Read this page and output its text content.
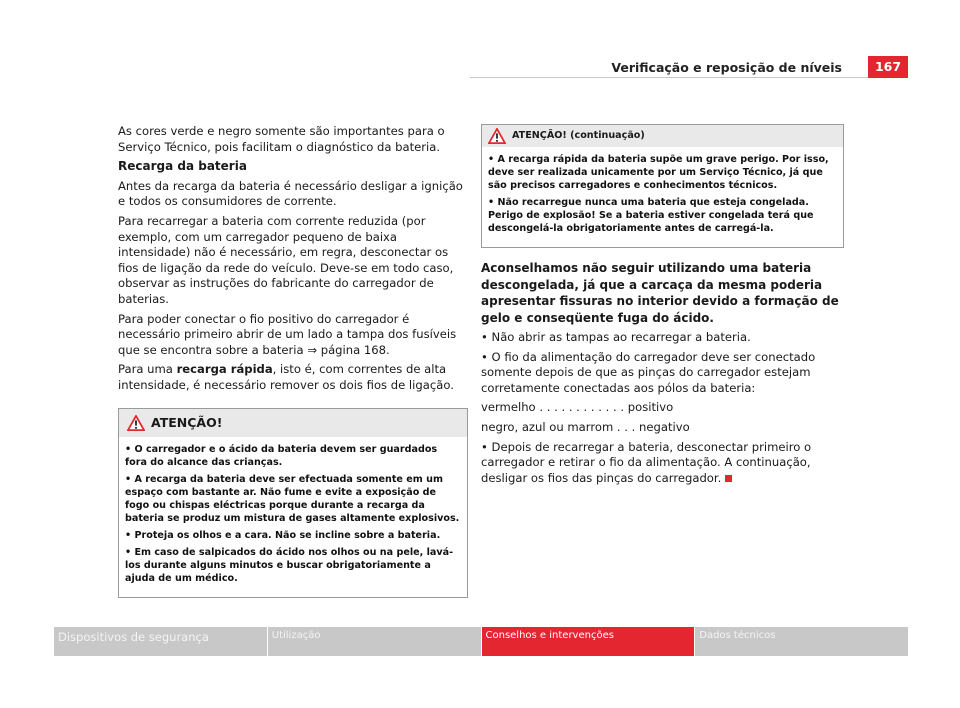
Verificação e reposição de níveis	167

As cores verde e negro somente são importantes para o Serviço Técnico, pois facilitam o diagnóstico da bateria.

Recarga da bateria

Antes da recarga da bateria é necessário desligar a ignição e todos os consumidores de corrente.

Para recarregar a bateria com corrente reduzida (por exemplo, com um carregador pequeno de baixa intensidade) não é necessário, em regra, desconectar os fios de ligação da rede do veículo. Deve-se em todo caso, observar as instruções do fabricante do carregador de baterias.

Para poder conectar o fio positivo do carregador é necessário primeiro abrir de um lado a tampa dos fusíveis que se encontra sobre a bateria ⇒ página 168.

Para uma recarga rápida, isto é, com correntes de alta intensidade, é necessário remover os dois fios de ligação.

ATENÇÃO!

• O carregador e o ácido da bateria devem ser guardados fora do alcance das crianças.

• A recarga da bateria deve ser efectuada somente em um espaço com bastante ar. Não fume e evite a exposição de fogo ou chispas eléctricas porque durante a recarga da bateria se produz um mistura de gases altamente explosivos.

• Proteja os olhos e a cara. Não se incline sobre a bateria.

• Em caso de salpicados do ácido nos olhos ou na pele, lavá-los durante alguns minutos e buscar obrigatoriamente a ajuda de um médico.

ATENÇÃO! (continuação)

• A recarga rápida da bateria supõe um grave perigo. Por isso, deve ser realizada unicamente por um Serviço Técnico, já que são precisos carregadores e conhecimentos técnicos.

• Não recarregue nunca uma bateria que esteja congelada. Perigo de explosão! Se a bateria estiver congelada terá que descongelá-la obrigatoriamente antes de carregá-la.

Aconselhamos não seguir utilizando uma bateria descongelada, já que a carcaça da mesma poderia apresentar fissuras no interior devido a formação de gelo e conseqüente fuga do ácido.

• Não abrir as tampas ao recarregar a bateria.

• O fio da alimentação do carregador deve ser conectado somente depois de que as pinças do carregador estejam corretamente conectadas aos pólos da bateria:

vermelho . . . . . . . . . . . . positivo

negro, azul ou marrom . . . negativo

• Depois de recarregar a bateria, desconectar primeiro o carregador e retirar o fio da alimentação. A continuação, desligar os fios das pinças do carregador.

Dispositivos de segurança	Utilização	Conselhos e intervenções	Dados técnicos
